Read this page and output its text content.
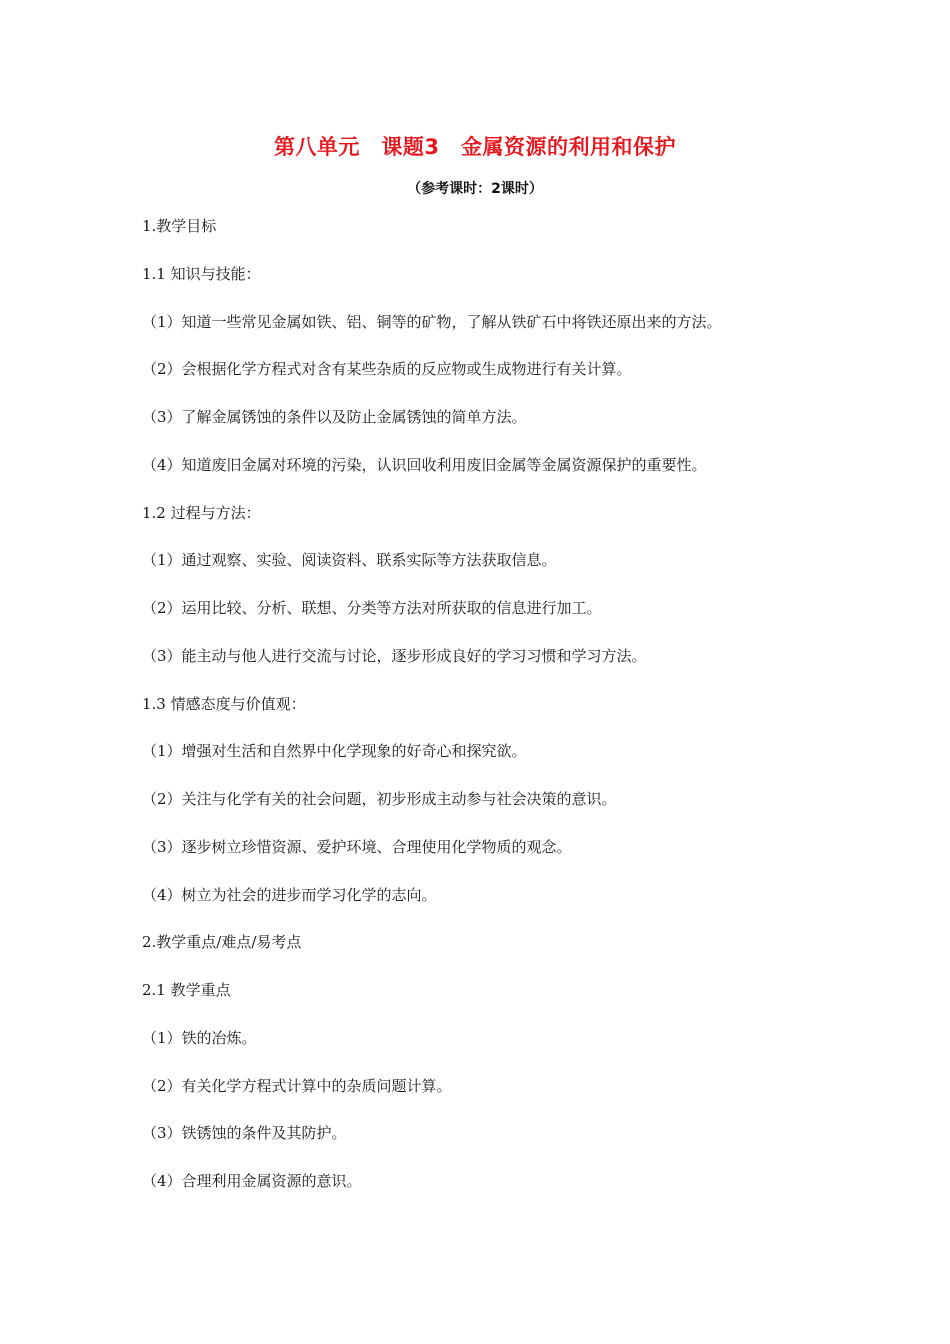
第八单元　课题3　金属资源的利用和保护
（参考课时：2课时）
1.教学目标
1.1 知识与技能：
（1）知道一些常见金属如铁、铝、铜等的矿物，了解从铁矿石中将铁还原出来的方法。
（2）会根据化学方程式对含有某些杂质的反应物或生成物进行有关计算。
（3）了解金属锈蚀的条件以及防止金属锈蚀的简单方法。
（4）知道废旧金属对环境的污染，认识回收利用废旧金属等金属资源保护的重要性。
1.2 过程与方法：
（1）通过观察、实验、阅读资料、联系实际等方法获取信息。
（2）运用比较、分析、联想、分类等方法对所获取的信息进行加工。
（3）能主动与他人进行交流与讨论，逐步形成良好的学习习惯和学习方法。
1.3 情感态度与价值观：
（1）增强对生活和自然界中化学现象的好奇心和探究欲。
（2）关注与化学有关的社会问题，初步形成主动参与社会决策的意识。
（3）逐步树立珍惜资源、爱护环境、合理使用化学物质的观念。
（4）树立为社会的进步而学习化学的志向。
2.教学重点/难点/易考点
2.1 教学重点
（1）铁的冶炼。
（2）有关化学方程式计算中的杂质问题计算。
（3）铁锈蚀的条件及其防护。
（4）合理利用金属资源的意识。
